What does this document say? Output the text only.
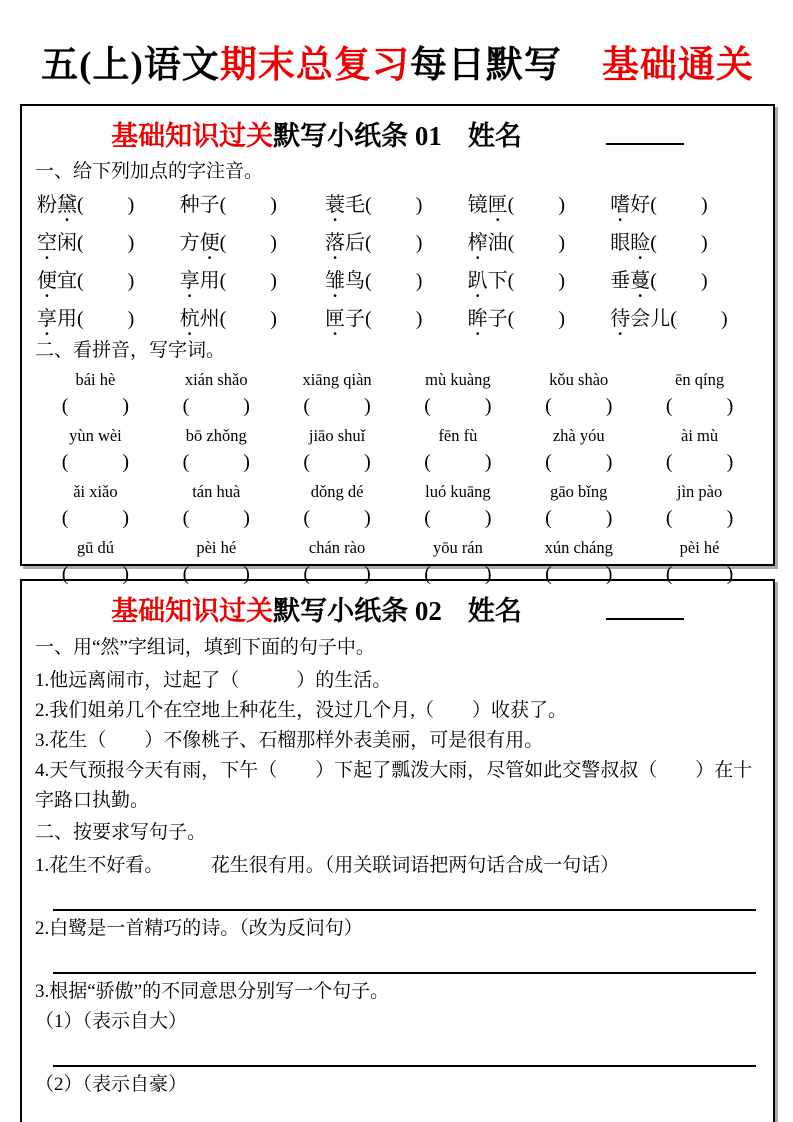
五(上)语文期末总复习每日默写 基础通关
基础知识过关默写小纸条 01 姓名
一、给下列加点的字注音。
粉黛( )	种子( )	蓑毛( )	镜匣( )	嗜好( )
空闲( )	方便( )	落后( )	榨油( )	眼睑( )
便宜( )	享用( )	雏鸟( )	趴下( )	垂蔓( )
享用( )	杭州( )	匣子( )	眸子( )	待会儿( )
二、看拼音，写字词。
bái hè	xián shǎo	xiāng qiàn	mù kuàng	kǒu shào	ēn qíng
(	)	(	)	(	)	(	)	(	)	(	)
yùn wèi	bō zhǒng	jiāo shuǐ	fēn fù	zhà yóu	ài mù
(	)	(	)	(	)	(	)	(	)	(	)
ǎi xiǎo	tán huà	dǒng dé	luó kuāng	gāo bǐng	jìn pào
(	)	(	)	(	)	(	)	(	)	(	)
gū dú	pèi hé	chán rào	yōu rán	xún cháng	pèi hé
(	)	(	)	(	)	(	)	(	)	(	)
基础知识过关默写小纸条 02 姓名
一、用“然”字组词，填到下面的句子中。
1.他远离闹市，过起了（　　　）的生活。
2.我们姐弟几个在空地上种花生，没过几个月,（　　）收获了。
3.花生（　　）不像桃子、石榴那样外表美丽，可是很有用。
4.天气预报今天有雨，下午（　　）下起了瓢泼大雨，尽管如此交警叔叔（　　）在十字路口执勤。
二、按要求写句子。
1.花生不好看。　　　花生很有用。（用关联词语把两句话合成一句话）
2.白鹭是一首精巧的诗。（改为反问句）
3.根据“骄傲”的不同意思分别写一个句子。
（1）（表示自大）
（2）（表示自豪）
